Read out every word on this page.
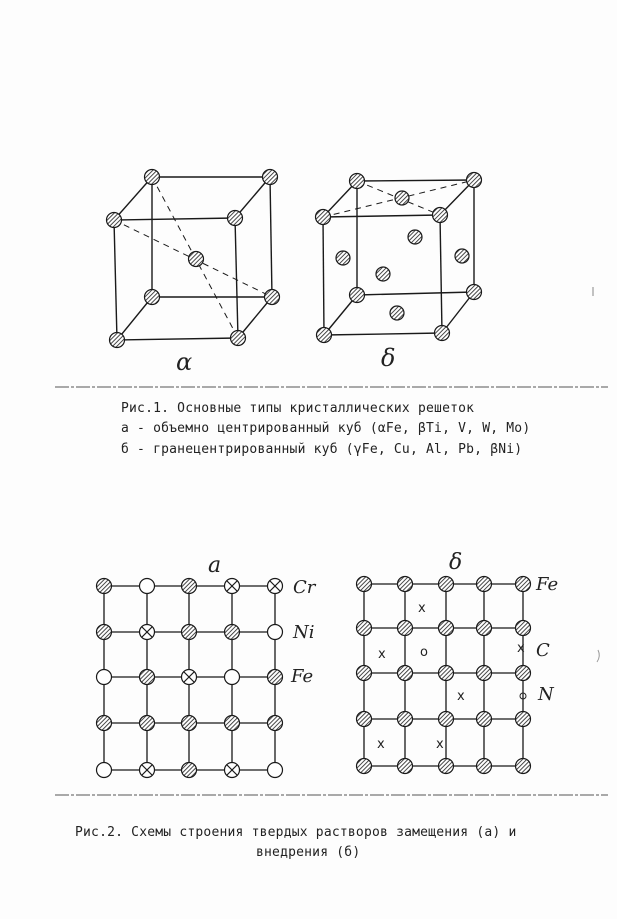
α	δ
а
Cr
Ni
Fe
x
x	o
x
x	x
x
δ
Fe
C
N
Рис.1. Основные типы кристаллических решеток
а - объемно центрированный куб (αFe, βTi, V, W, Mo)
б - гранецентрированный куб (γFe, Cu, Al, Pb, βNi)
Рис.2. Схемы строения твердых растворов замещения (а) и
внедрения (б)
